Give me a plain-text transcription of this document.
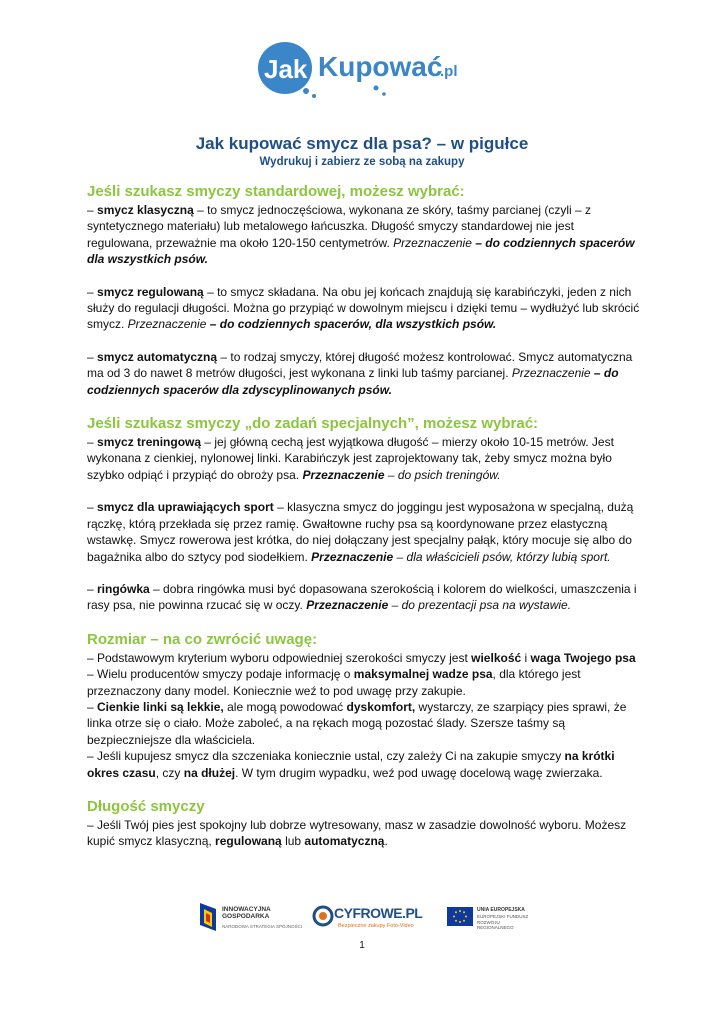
Jak Kupować
.pl
Jak kupować smycz dla psa? – w pigułce
Wydrukuj i zabierz ze sobą na zakupy
Jeśli szukasz smyczy standardowej, możesz wybrać:

– smycz klasyczną – to smycz jednoczęściowa, wykonana ze skóry, taśmy parcianej (czyli – z syntetycznego materiału) lub metalowego łańcuszka. Długość smyczy standardowej nie jest regulowana, przeważnie ma około 120-150 centymetrów. Przeznaczenie – do codziennych spacerów dla wszystkich psów.

– smycz regulowaną – to smycz składana. Na obu jej końcach znajdują się karabińczyki, jeden z nich służy do regulacji długości. Można go przypiąć w dowolnym miejscu i dzięki temu – wydłużyć lub skrócić smycz. Przeznaczenie – do codziennych spacerów, dla wszystkich psów.

– smycz automatyczną – to rodzaj smyczy, której długość możesz kontrolować. Smycz automatyczna ma od 3 do nawet 8 metrów długości, jest wykonana z linki lub taśmy parcianej. Przeznaczenie – do codziennych spacerów dla zdyscyplinowanych psów.

Jeśli szukasz smyczy „do zadań specjalnych”, możesz wybrać:

– smycz treningową – jej główną cechą jest wyjątkowa długość – mierzy około 10-15 metrów. Jest wykonana z cienkiej, nylonowej linki. Karabińczyk jest zaprojektowany tak, żeby smycz można było szybko odpiąć i przypiąć do obroży psa. Przeznaczenie – do psich treningów.

– smycz dla uprawiających sport – klasyczna smycz do joggingu jest wyposażona w specjalną, dużą rączkę, którą przekłada się przez ramię. Gwałtowne ruchy psa są koordynowane przez elastyczną wstawkę. Smycz rowerowa jest krótka, do niej dołączany jest specjalny pałąk, który mocuje się albo do bagażnika albo do sztycy pod siodełkiem. Przeznaczenie – dla właścicieli psów, którzy lubią sport.

– ringówka – dobra ringówka musi być dopasowana szerokością i kolorem do wielkości, umaszczenia i rasy psa, nie powinna rzucać się w oczy. Przeznaczenie – do prezentacji psa na wystawie.

Rozmiar – na co zwrócić uwagę:

– Podstawowym kryterium wyboru odpowiedniej szerokości smyczy jest wielkość i waga Twojego psa

– Wielu producentów smyczy podaje informację o maksymalnej wadze psa, dla którego jest przeznaczony dany model. Koniecznie weź to pod uwagę przy zakupie.

– Cienkie linki są lekkie, ale mogą powodować dyskomfort, wystarczy, ze szarpiący pies sprawi, że linka otrze się o ciało. Może zaboleć, a na rękach mogą pozostać ślady. Szersze taśmy są bezpieczniejsze dla właściciela.

– Jeśli kupujesz smycz dla szczeniaka koniecznie ustal, czy zależy Ci na zakupie smyczy na krótki okres czasu, czy na dłużej. W tym drugim wypadku, weź pod uwagę docelową wagę zwierzaka.

Długość smyczy

– Jeśli Twój pies jest spokojny lub dobrze wytresowany, masz w zasadzie dowolność wyboru. Możesz kupić smycz klasyczną, regulowaną lub automatyczną.

INNOWACYJNA
GOSPODARKA
NARODOWA STRATEGIA SPÓJNOŚCI
CYFROWE.PL
Bezpieczne zakupy Foto-Video
UNIA EUROPEJSKA
EUROPEJSKI FUNDUSZ
ROZWOJU REGIONALNEGO
1
